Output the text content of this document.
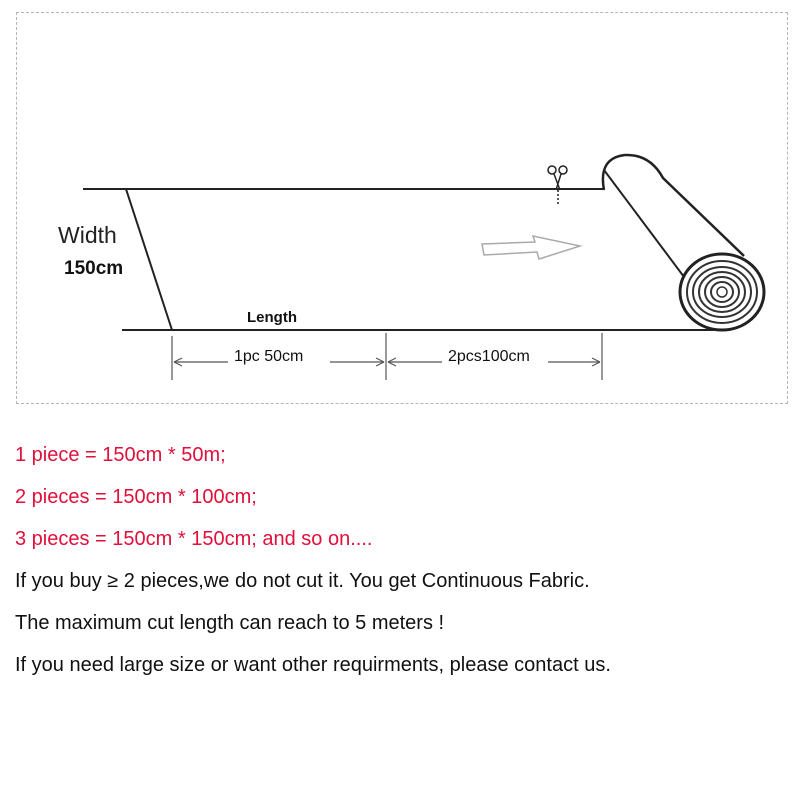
Width
150cm
Length
1pc 50cm	2pcs100cm
1 piece = 150cm * 50m;
2 pieces = 150cm * 100cm;
3 pieces = 150cm * 150cm; and so on....
If you buy ≥ 2 pieces,we do not cut it. You get Continuous Fabric.
The maximum cut length can reach to 5 meters !
If you need large size or want other requirments, please contact us.
